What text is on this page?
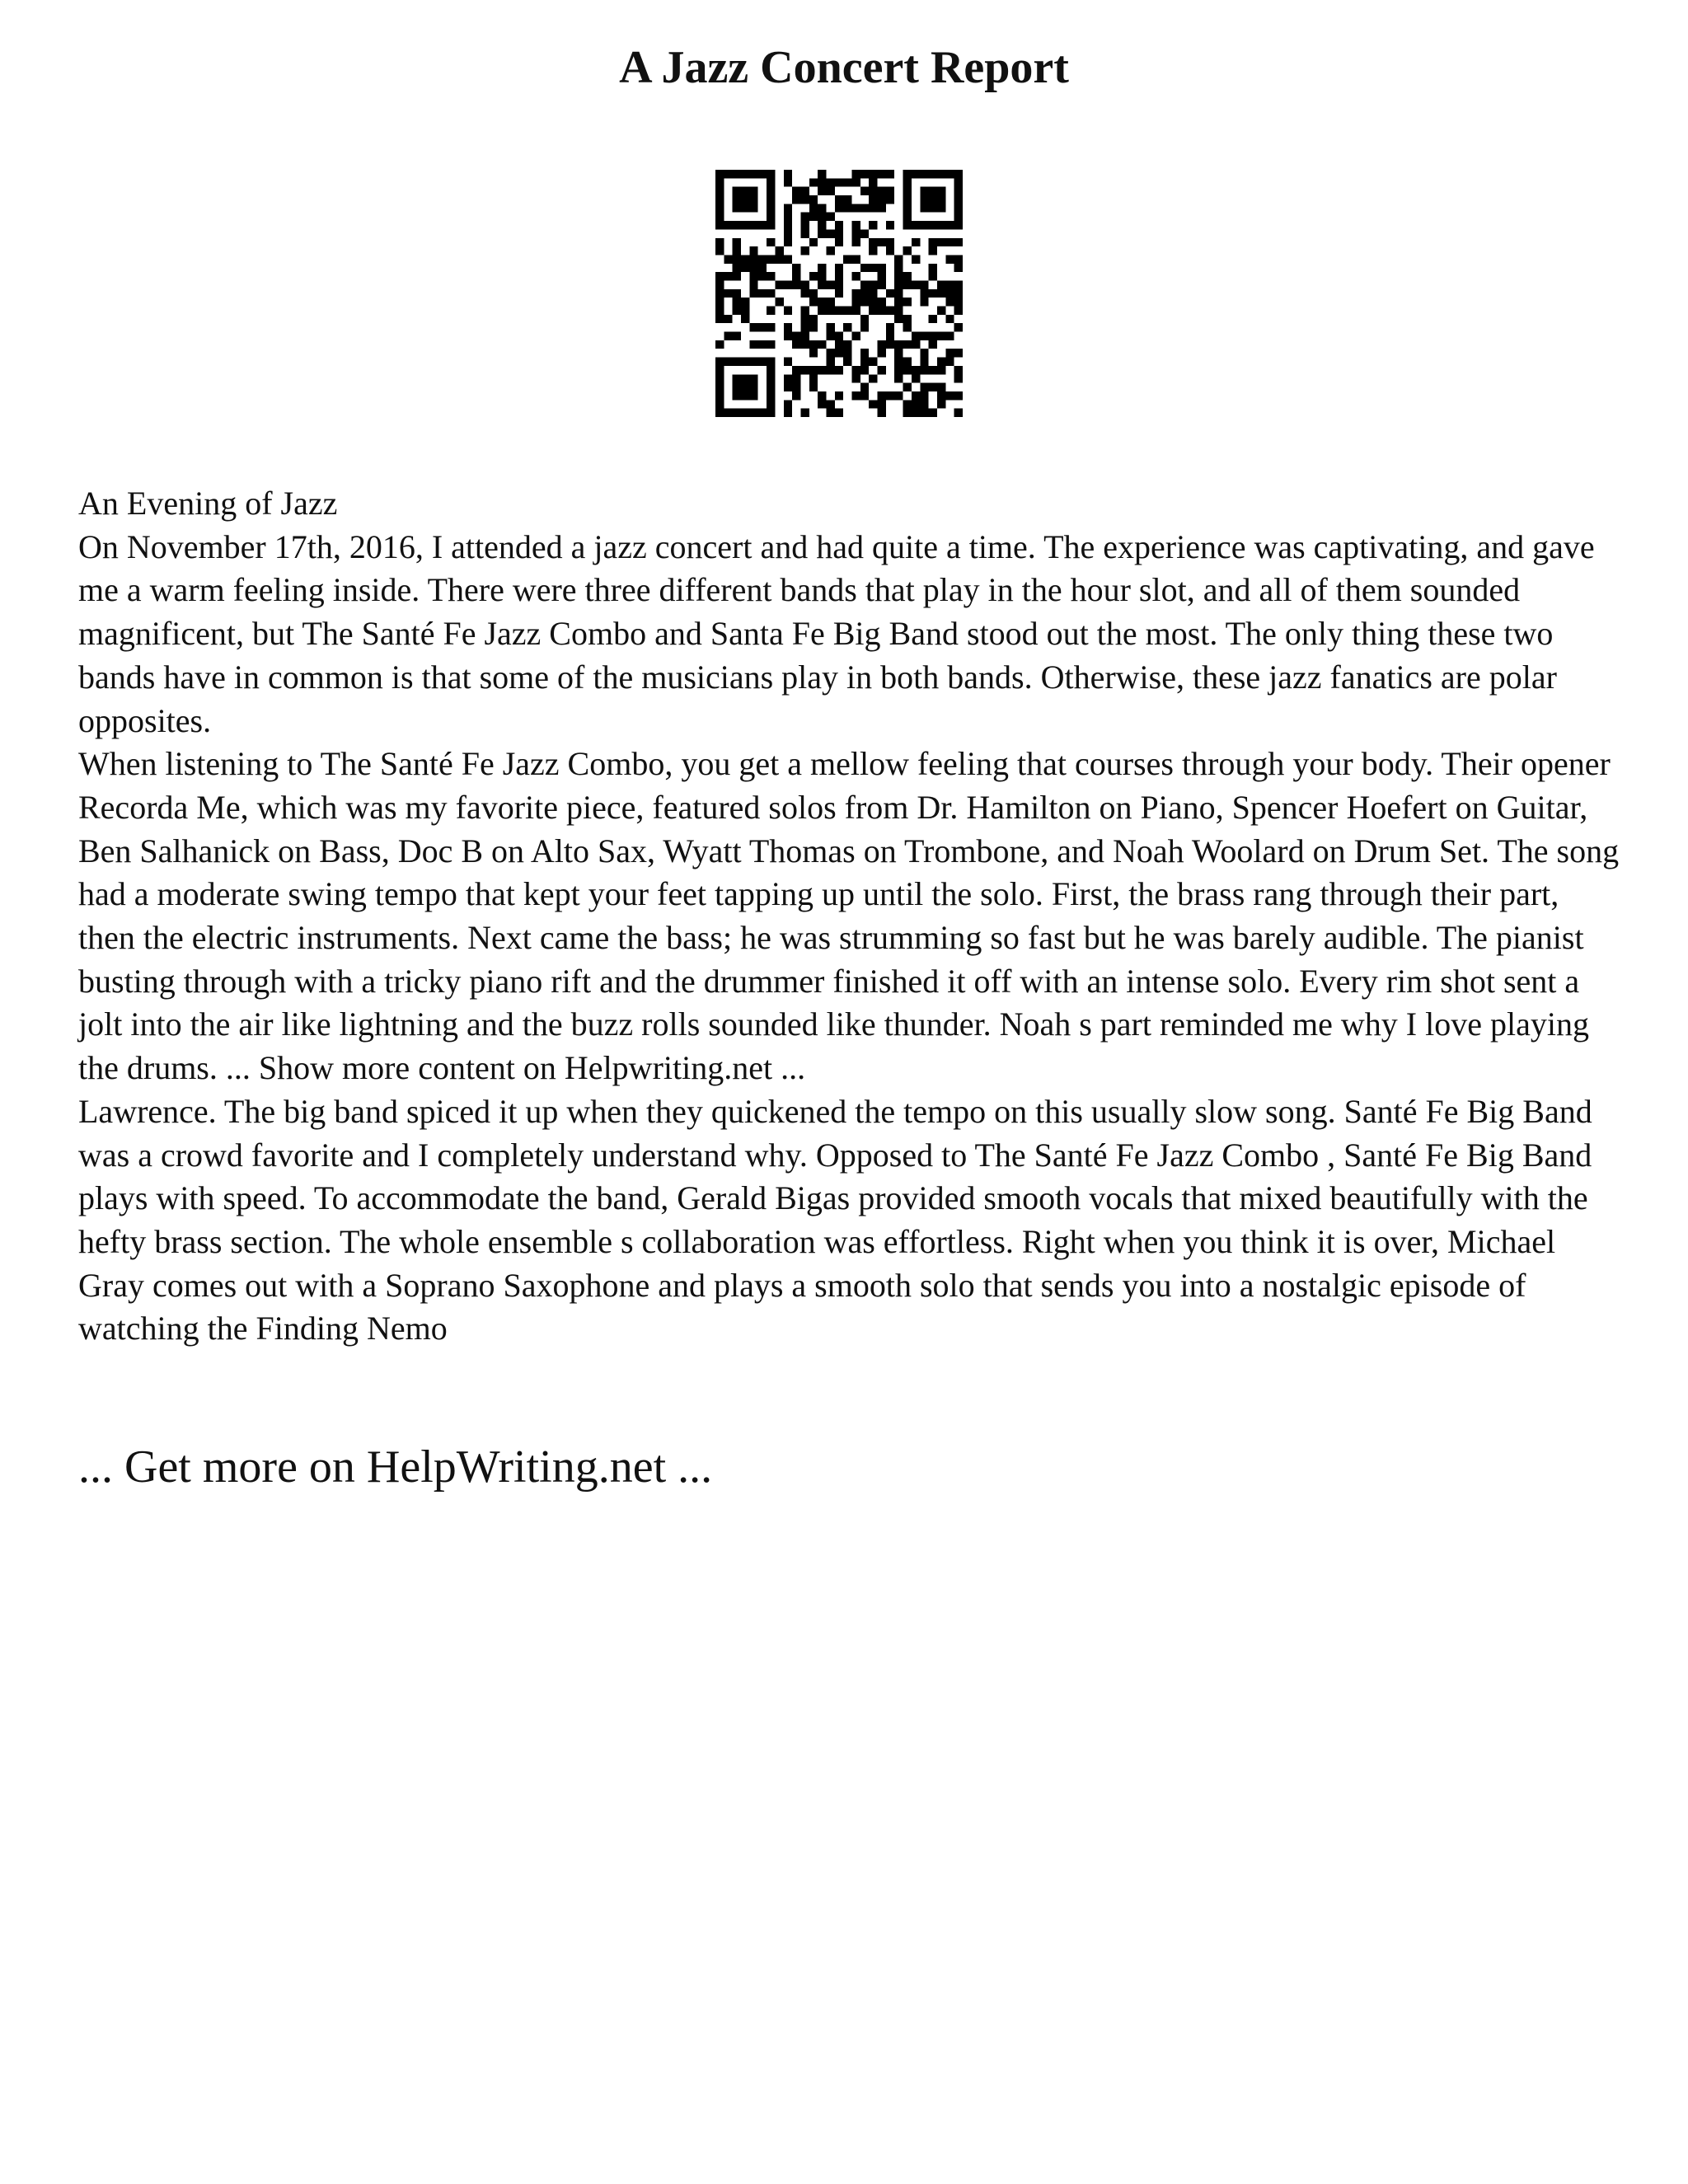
A Jazz Concert Report

An Evening of Jazz

On November 17th, 2016, I attended a jazz concert and had quite a time. The experience was captivating, and gave me a warm feeling inside. There were three different bands that play in the hour slot, and all of them sounded magnificent, but The Santé Fe Jazz Combo and Santa Fe Big Band stood out the most. The only thing these two bands have in common is that some of the musicians play in both bands. Otherwise, these jazz fanatics are polar opposites.

When listening to The Santé Fe Jazz Combo, you get a mellow feeling that courses through your body. Their opener Recorda Me, which was my favorite piece, featured solos from Dr. Hamilton on Piano, Spencer Hoefert on Guitar, Ben Salhanick on Bass, Doc B on Alto Sax, Wyatt Thomas on Trombone, and Noah Woolard on Drum Set. The song had a moderate swing tempo that kept your feet tapping up until the solo. First, the brass rang through their part, then the electric instruments. Next came the bass; he was strumming so fast but he was barely audible. The pianist busting through with a tricky piano rift and the drummer finished it off with an intense solo. Every rim shot sent a jolt into the air like lightning and the buzz rolls sounded like thunder. Noah s part reminded me why I love playing the drums. ... Show more content on Helpwriting.net ...

Lawrence. The big band spiced it up when they quickened the tempo on this usually slow song. Santé Fe Big Band was a crowd favorite and I completely understand why. Opposed to The Santé Fe Jazz Combo , Santé Fe Big Band plays with speed. To accommodate the band, Gerald Bigas provided smooth vocals that mixed beautifully with the hefty brass section. The whole ensemble s collaboration was effortless. Right when you think it is over, Michael Gray comes out with a Soprano Saxophone and plays a smooth solo that sends you into a nostalgic episode of watching the Finding Nemo

... Get more on HelpWriting.net ...
